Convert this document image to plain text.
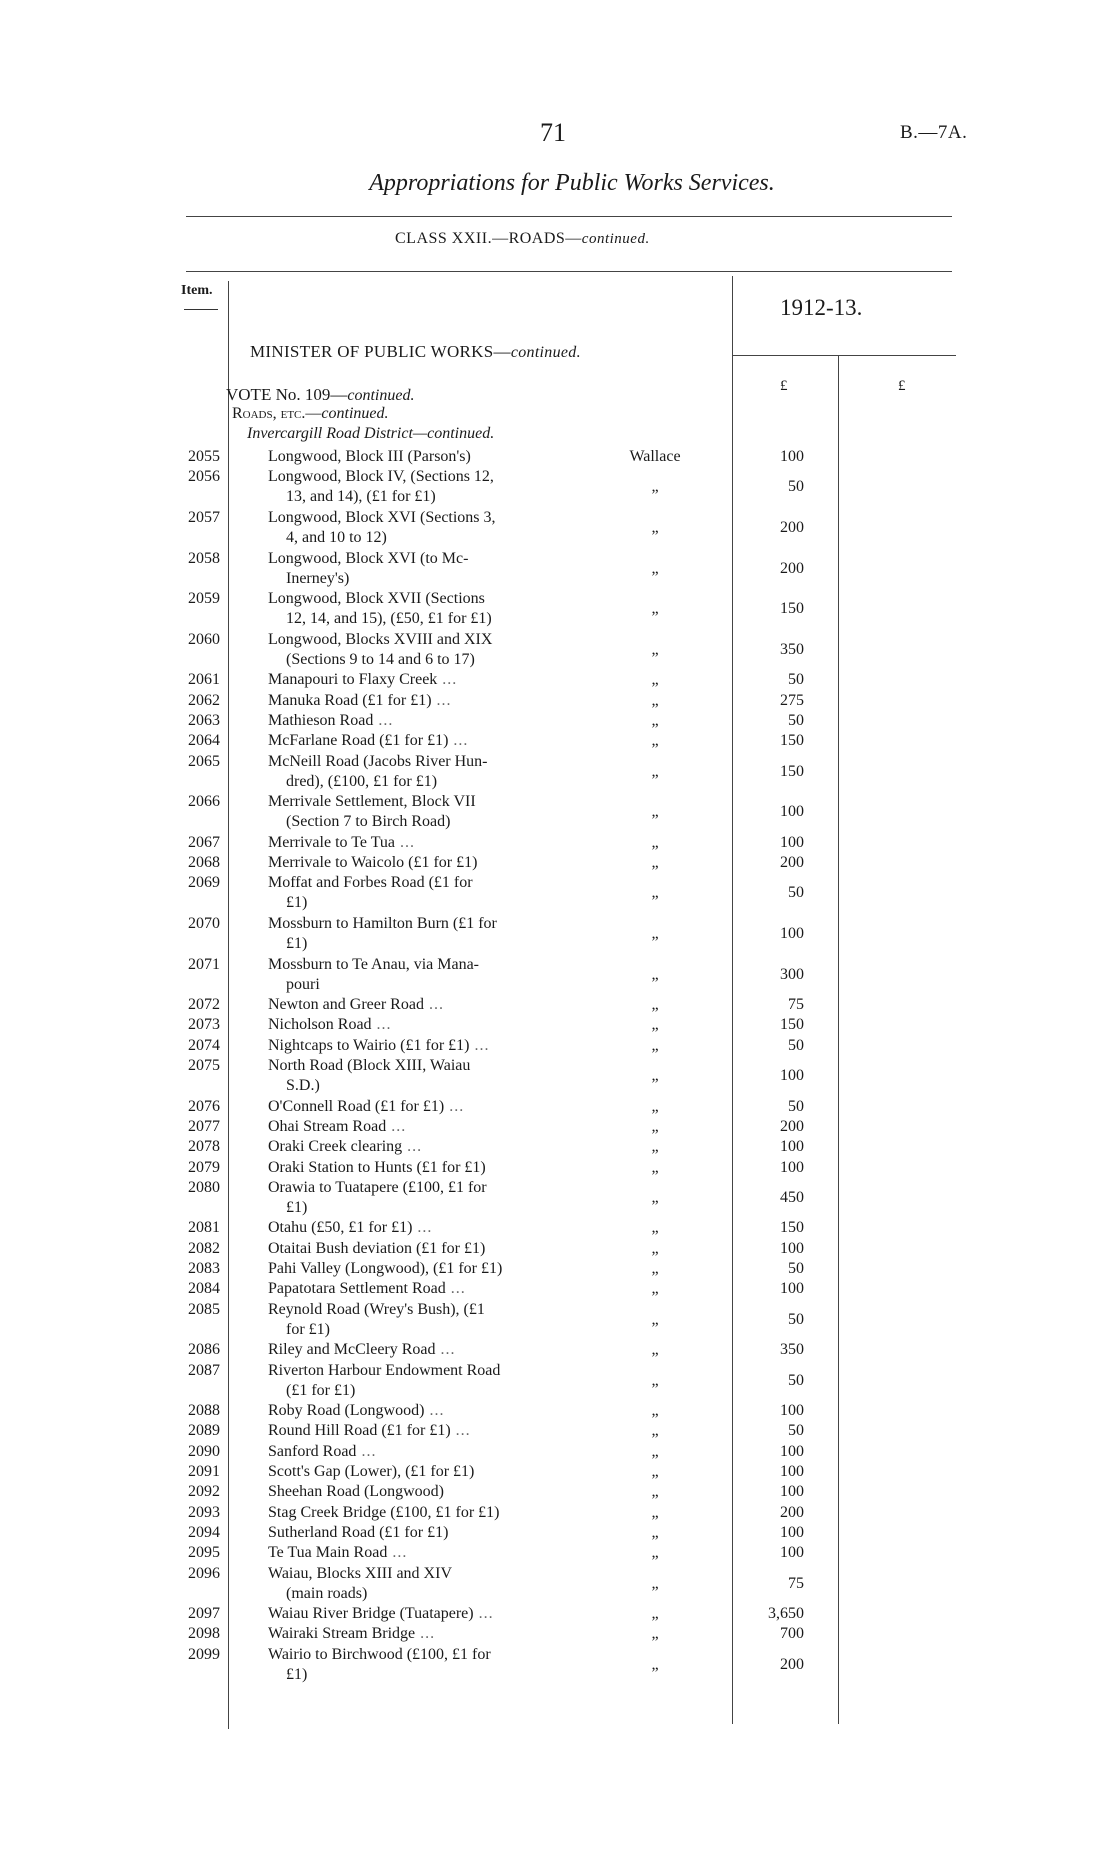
71	B.—7A.
Appropriations for Public Works Services.
CLASS XXII.—ROADS—continued.
Item.
1912-13.
£	£
MINISTER OF PUBLIC WORKS—continued.
VOTE No. 109—continued.
Roads, etc.—continued.
Invercargill Road District—continued.
2055	Longwood, Block III (Parson's)	Wallace	100
2056	Longwood, Block IV, (Sections 12,
13, and 14), (£1 for £1)
„	50
2057	Longwood, Block XVI (Sections 3,
4, and 10 to 12)
„	200
2058	Longwood, Block XVI (to Mc-
Inerney's)
„	200
2059	Longwood, Block XVII (Sections
12, 14, and 15), (£50, £1 for £1)
„	150
2060	Longwood, Blocks XVIII and XIX
(Sections 9 to 14 and 6 to 17)
„	350
2061	Manapouri to Flaxy Creek ...	„	50
2062	Manuka Road (£1 for £1) ...	„	275
2063	Mathieson Road ...	„	50
2064	McFarlane Road (£1 for £1) ...	„	150
2065	McNeill Road (Jacobs River Hun-
dred), (£100, £1 for £1)
„	150
2066	Merrivale Settlement, Block VII
(Section 7 to Birch Road)
„	100
2067	Merrivale to Te Tua ...	„	100
2068	Merrivale to Waicolo (£1 for £1)	„	200
2069	Moffat and Forbes Road (£1 for
£1)
„	50
2070	Mossburn to Hamilton Burn (£1 for
£1)
„	100
2071	Mossburn to Te Anau, via Mana-
pouri
„	300
2072	Newton and Greer Road ...	„	75
2073	Nicholson Road ...	„	150
2074	Nightcaps to Wairio (£1 for £1) ...	„	50
2075	North Road (Block XIII, Waiau
S.D.)
„	100
2076	O'Connell Road (£1 for £1) ...	„	50
2077	Ohai Stream Road ...	„	200
2078	Oraki Creek clearing ...	„	100
2079	Oraki Station to Hunts (£1 for £1)	„	100
2080	Orawia to Tuatapere (£100, £1 for
£1)
„	450
2081	Otahu (£50, £1 for £1) ...	„	150
2082	Otaitai Bush deviation (£1 for £1)	„	100
2083	Pahi Valley (Longwood), (£1 for £1)	„	50
2084	Papatotara Settlement Road ...	„	100
2085	Reynold Road (Wrey's Bush), (£1
for £1)
„	50
2086	Riley and McCleery Road ...	„	350
2087	Riverton Harbour Endowment Road
(£1 for £1)
„	50
2088	Roby Road (Longwood) ...	„	100
2089	Round Hill Road (£1 for £1) ...	„	50
2090	Sanford Road ...	„	100
2091	Scott's Gap (Lower), (£1 for £1)	„	100
2092	Sheehan Road (Longwood)	„	100
2093	Stag Creek Bridge (£100, £1 for £1)	„	200
2094	Sutherland Road (£1 for £1)	„	100
2095	Te Tua Main Road ...	„	100
2096	Waiau, Blocks XIII and XIV
(main roads)
„	75
2097	Waiau River Bridge (Tuatapere) ...	„	3,650
2098	Wairaki Stream Bridge ...	„	700
2099	Wairio to Birchwood (£100, £1 for
£1)
„	200
